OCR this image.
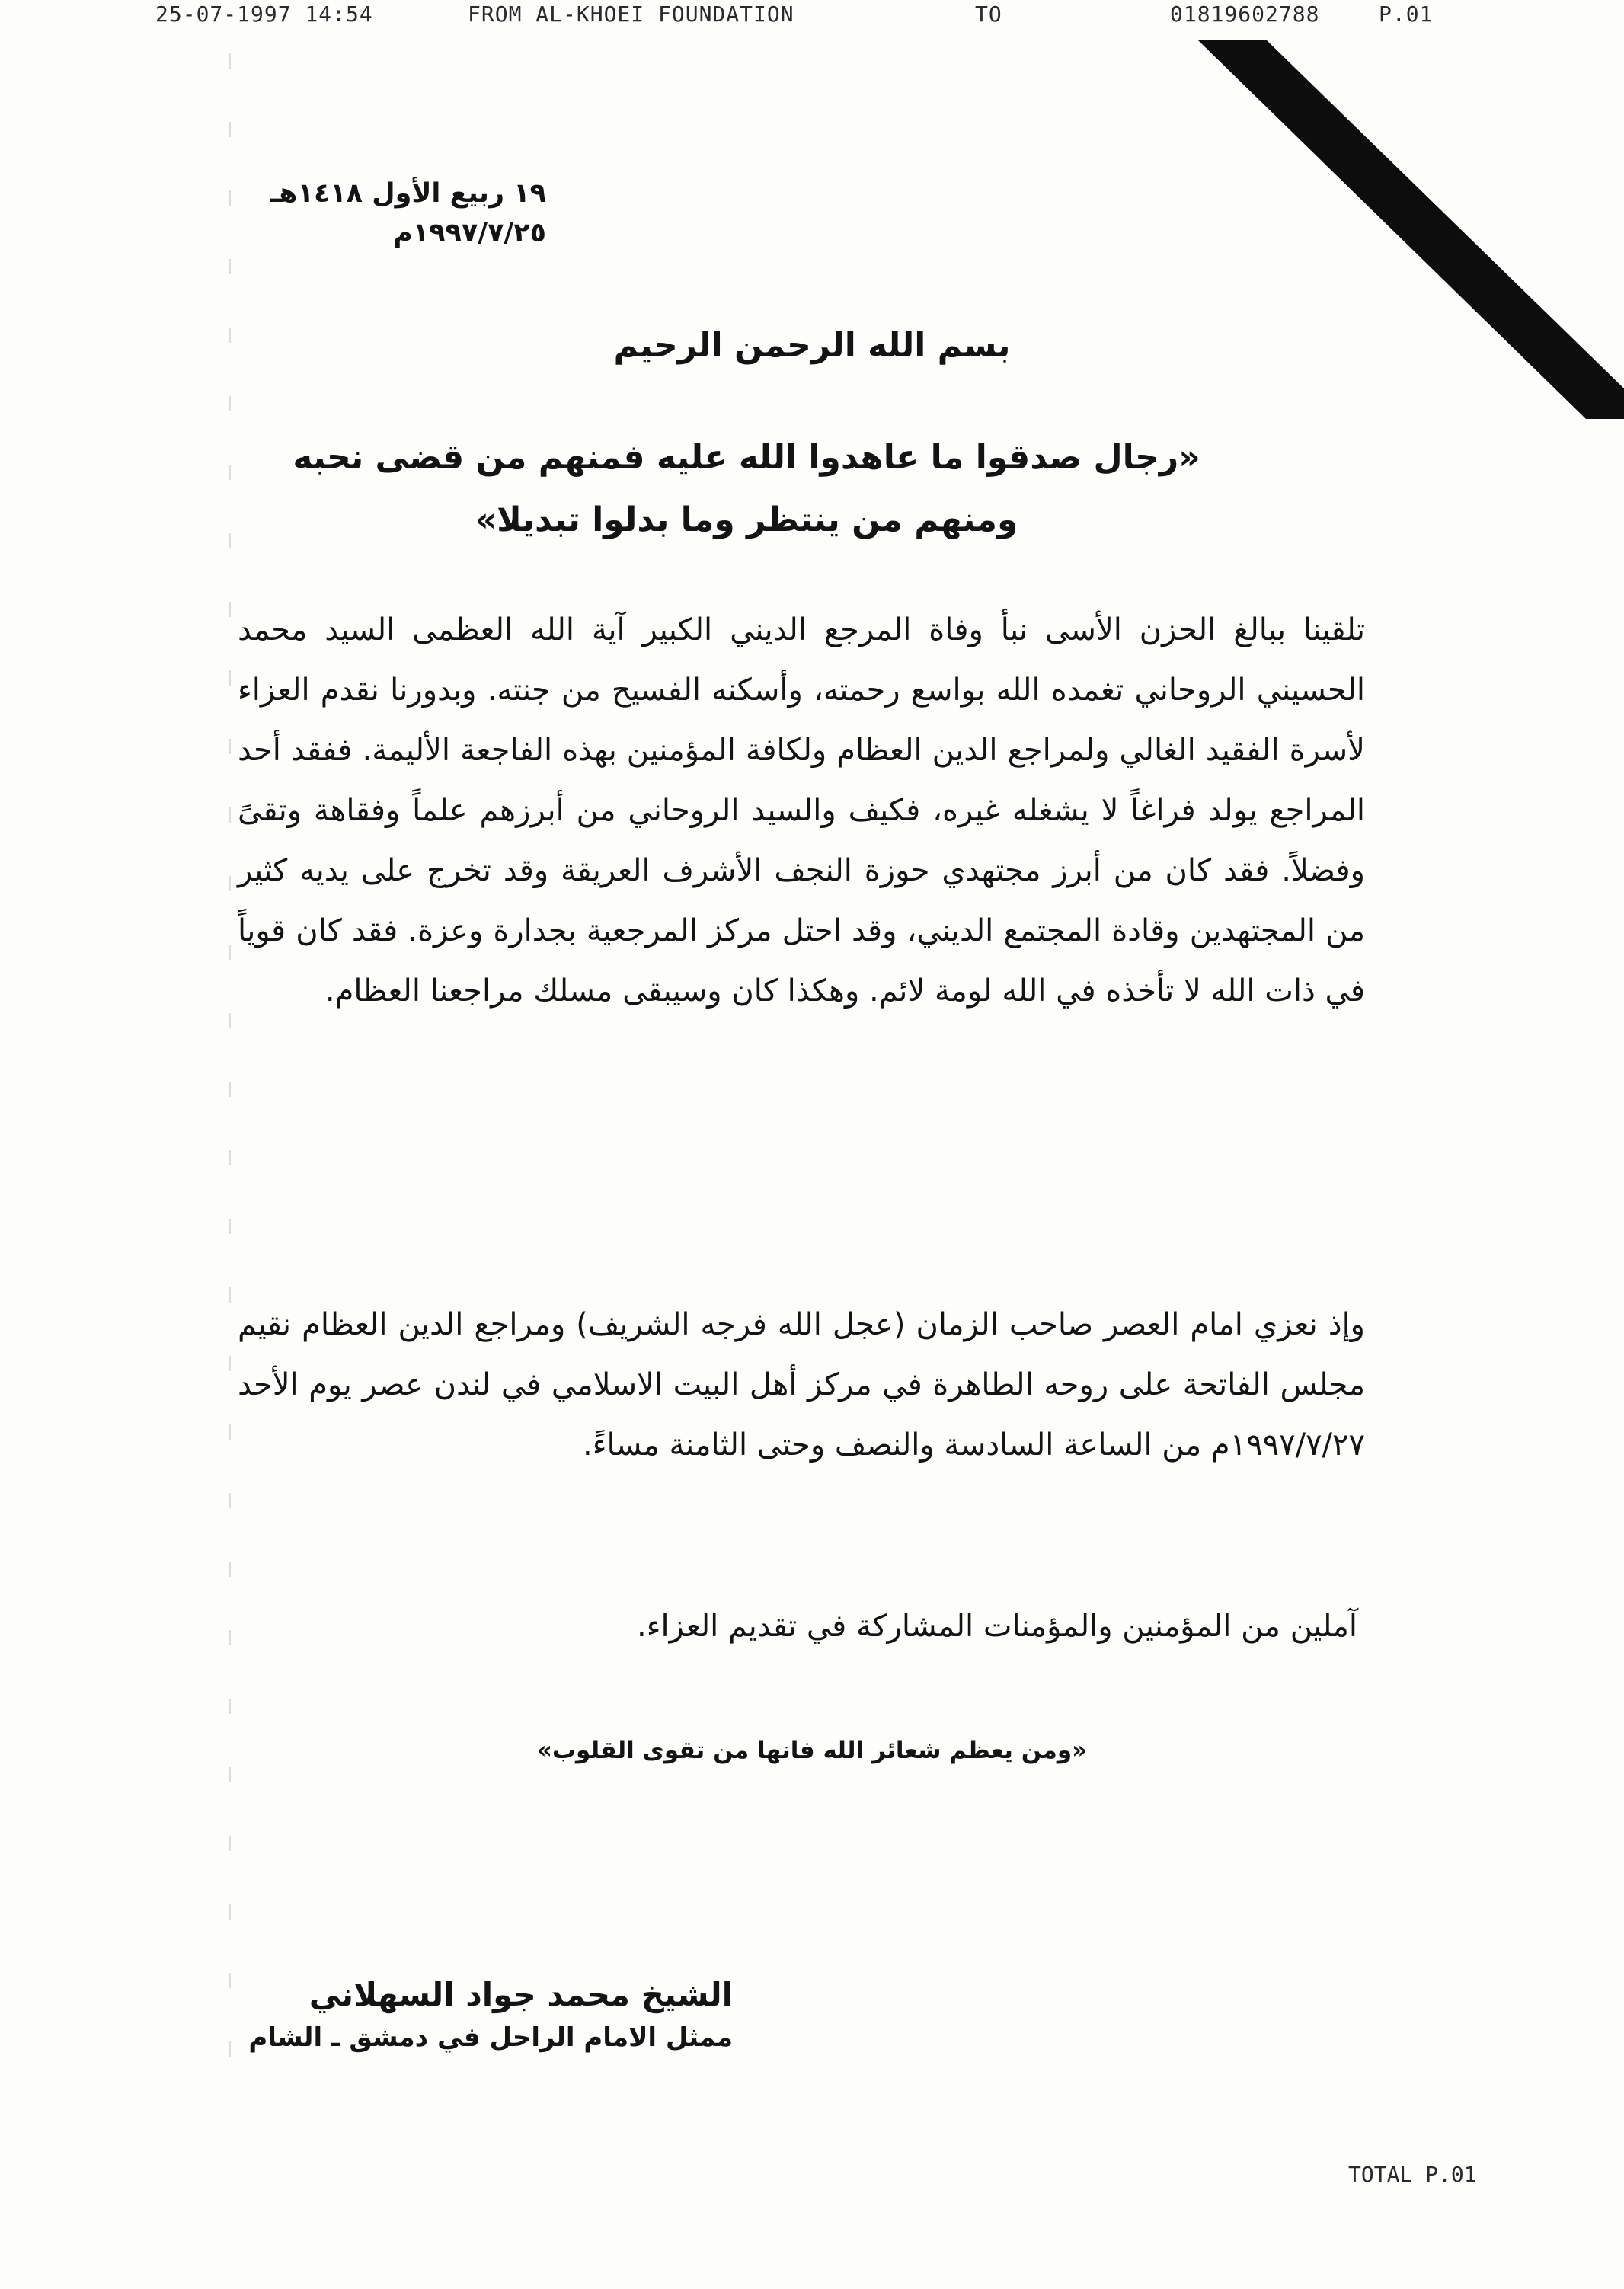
25-07-1997 14:54	FROM AL-KHOEI FOUNDATION	TO	01819602788	P.01
١٩ ربيع الأول ١٤١٨هـ
١٩٩٧/٧/٢٥م
بسم الله الرحمن الرحيم
«رجال صدقوا ما عاهدوا الله عليه فمنهم من قضى نحبه
ومنهم من ينتظر وما بدلوا تبديلا»
تلقينا ببالغ الحزن الأسى نبأ وفاة المرجع الديني الكبير آية الله العظمى السيد محمد الحسيني الروحاني تغمده الله بواسع رحمته، وأسكنه الفسيح من جنته. وبدورنا نقدم العزاء لأسرة الفقيد الغالي ولمراجع الدين العظام ولكافة المؤمنين بهذه الفاجعة الأليمة. ففقد أحد المراجع يولد فراغاً لا يشغله غيره، فكيف والسيد الروحاني من أبرزهم علماً وفقاهة وتقىً وفضلاً. فقد كان من أبرز مجتهدي حوزة النجف الأشرف العريقة وقد تخرج على يديه كثير من المجتهدين وقادة المجتمع الديني، وقد احتل مركز المرجعية بجدارة وعزة. فقد كان قوياً في ذات الله لا تأخذه في الله لومة لائم. وهكذا كان وسيبقى مسلك مراجعنا العظام.
وإذ نعزي امام العصر صاحب الزمان (عجل الله فرجه الشريف) ومراجع الدين العظام نقيم مجلس الفاتحة على روحه الطاهرة في مركز أهل البيت الاسلامي في لندن عصر يوم الأحد ١٩٩٧/٧/٢٧م من الساعة السادسة والنصف وحتى الثامنة مساءً.
آملين من المؤمنين والمؤمنات المشاركة في تقديم العزاء.
«ومن يعظم شعائر الله فانها من تقوى القلوب»
الشيخ محمد جواد السهلاني
ممثل الامام الراحل في دمشق ـ الشام
TOTAL P.01
